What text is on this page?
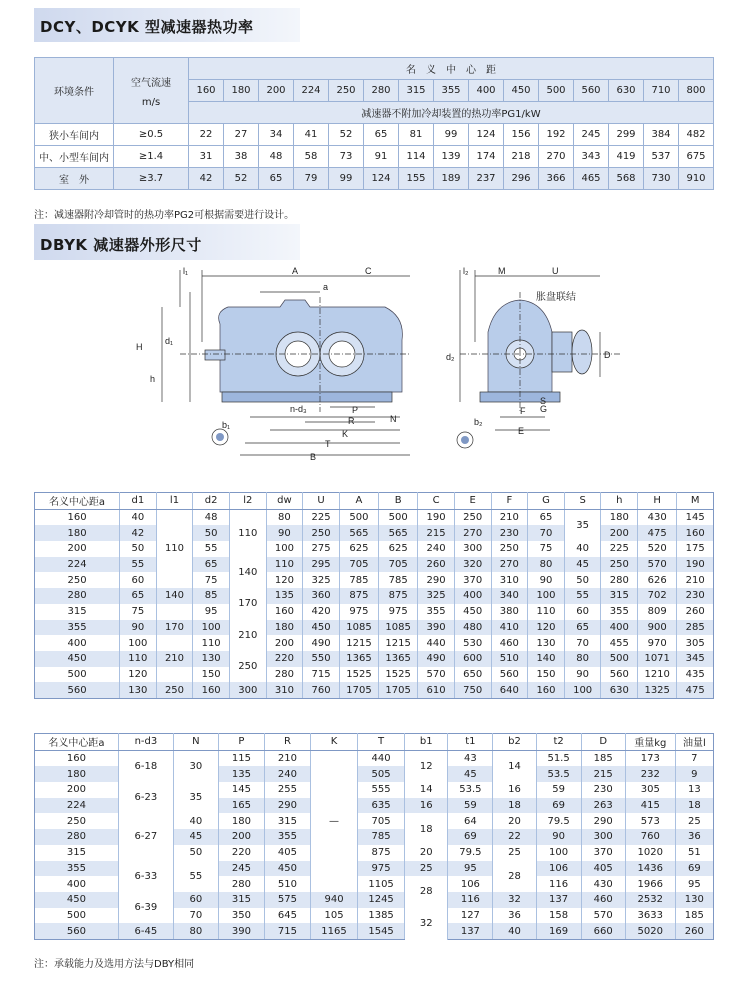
DCY、DCYK 型减速器热功率
环境条件	空气流速
m/s	名　义　中　心　距														
		160	180	200	224	250	280	315	355	400	450	500	560	630	710	800
		减速器不附加冷却装置的热功率PG1/kW														
狭小车间内	≥0.5	22	27	34	41	52	65	81	99	124	156	192	245	299	384	482
中、小型车间内	≥1.4	31	38	48	58	73	91	114	139	174	218	270	343	419	537	675
室　外	≥3.7	42	52	65	79	99	124	155	189	237	296	366	465	568	730	910
注：减速器附冷却管时的热功率PG2可根据需要进行设计。
DBYK 减速器外形尺寸
l₁	A	C
a
H
d₁
h
b₁
n-d₃	P
R
K
T
B
N
l₂	M	U
胀盘联结
d₂	D
S
G
F
E
b₂
名义中心距a	d1	l1	d2	l2	dw	U	A	B	C	E	F	G	S	h	H	M
160	40	110	48	110	80	225	500	500	190	250	210	65	35	180	430	145
180	42		50		90	250	565	565	215	270	230	70		200	475	160
200	50		55		100	275	625	625	240	300	250	75	40	225	520	175
224	55		65	140	110	295	705	705	260	320	270	80	45	250	570	190
250	60		75		120	325	785	785	290	370	310	90	50	280	626	210
280	65	140	85	170	135	360	875	875	325	400	340	100	55	315	702	230
315	75		95		160	420	975	975	355	450	380	110	60	355	809	260
355	90	170	100	210	180	450	1085	1085	390	480	410	120	65	400	900	285
400	100		110		200	490	1215	1215	440	530	460	130	70	455	970	305
450	110	210	130	250	220	550	1365	1365	490	600	510	140	80	500	1071	345
500	120		150		280	715	1525	1525	570	650	560	150	90	560	1210	435
560	130	250	160	300	310	760	1705	1705	610	750	640	160	100	630	1325	475
名义中心距a	n-d3	N	P	R	K	T	b1	t1	b2	t2	D	重量kg	油量l
160	6-18	30	115	210	—	440	12	43	14	51.5	185	173	7
180			135	240		505		45		53.5	215	232	9
200	6-23	35	145	255		555	14	53.5	16	59	230	305	13
224			165	290		635	16	59	18	69	263	415	18
250	6-27	40	180	315		705	18	64	20	79.5	290	573	25
280		45	200	355		785		69	22	90	300	760	36
315		50	220	405		875	20	79.5	25	100	370	1020	51
355	6-33	55	245	450		975	25	95	28	106	405	1436	69
400			280	510		1105	28	106		116	430	1966	95
450	6-39	60	315	575	940	1245		116	32	137	460	2532	130
500		70	350	645	105	1385	32	127	36	158	570	3633	185
560	6-45	80	390	715	1165	1545		137	40	169	660	5020	260
注：承载能力及选用方法与DBY相同
